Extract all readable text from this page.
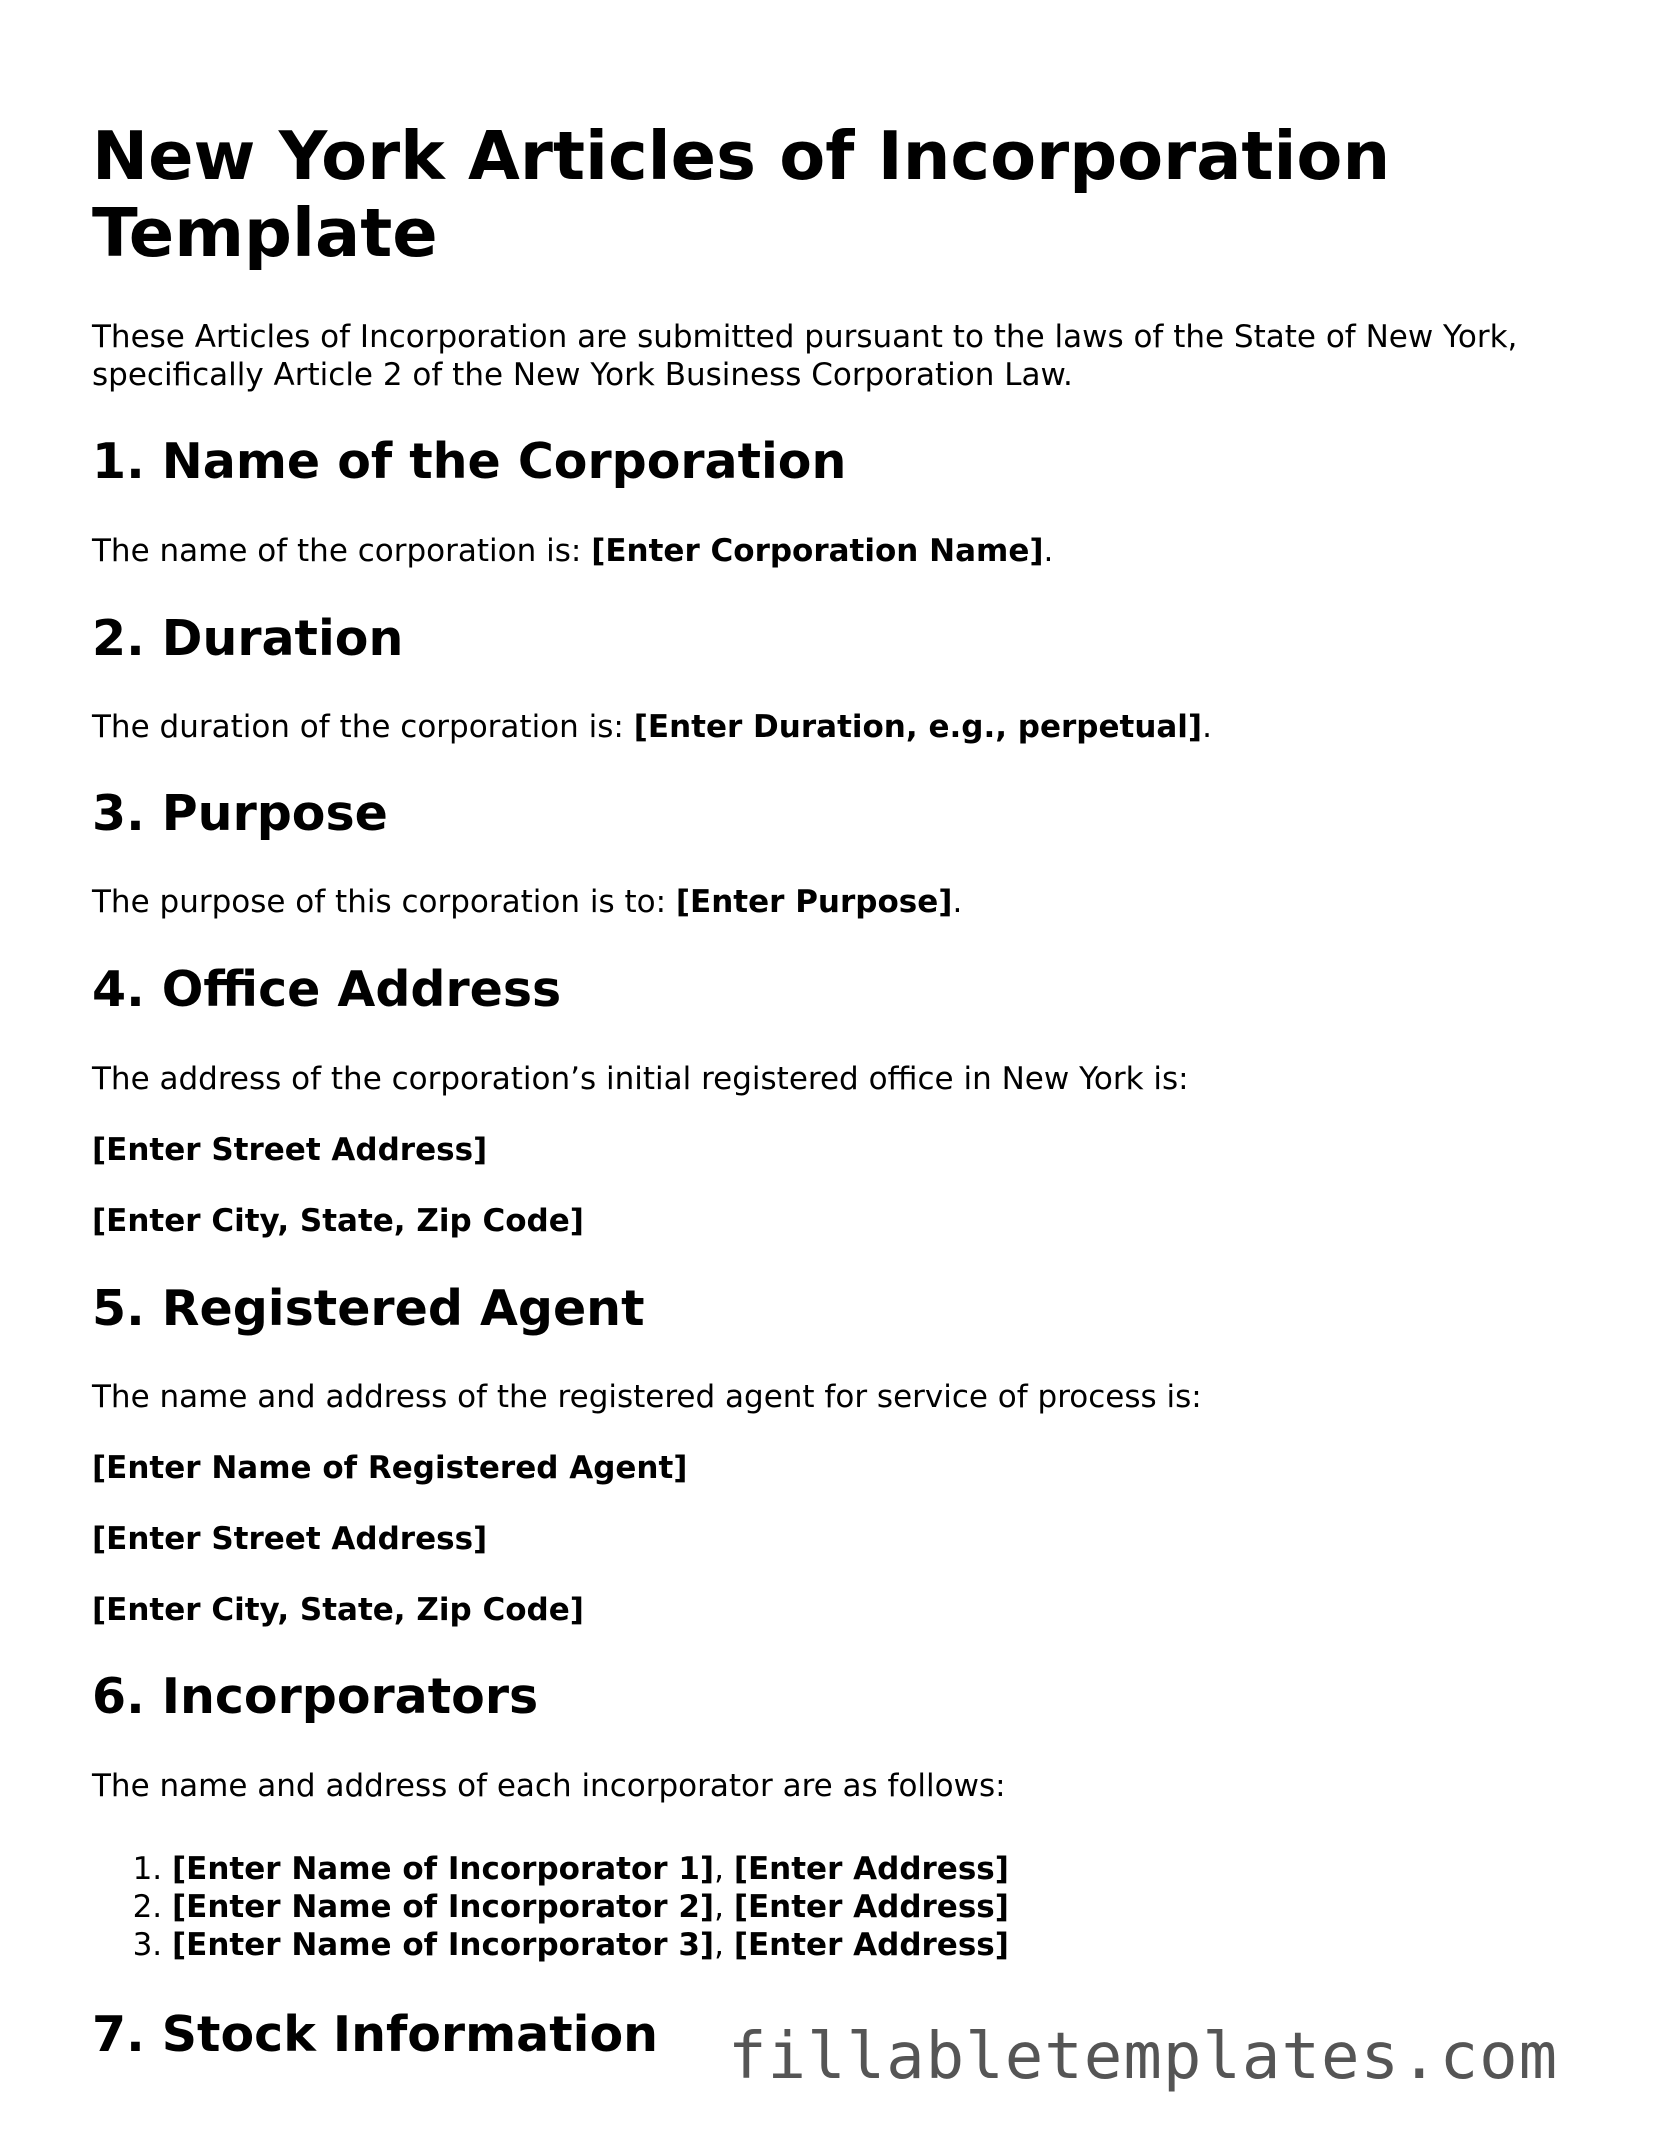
New York Articles of Incorporation Template

These Articles of Incorporation are submitted pursuant to the laws of the State of New York, specifically Article 2 of the New York Business Corporation Law.

1. Name of the Corporation

The name of the corporation is: [Enter Corporation Name].

2. Duration

The duration of the corporation is: [Enter Duration, e.g., perpetual].

3. Purpose

The purpose of this corporation is to: [Enter Purpose].

4. Office Address

The address of the corporation’s initial registered office in New York is:

[Enter Street Address]

[Enter City, State, Zip Code]

5. Registered Agent

The name and address of the registered agent for service of process is:

[Enter Name of Registered Agent]

[Enter Street Address]

[Enter City, State, Zip Code]

6. Incorporators

The name and address of each incorporator are as follows:

1. [Enter Name of Incorporator 1], [Enter Address]
2. [Enter Name of Incorporator 2], [Enter Address]
3. [Enter Name of Incorporator 3], [Enter Address]
7. Stock Information fillabletemplates.com
